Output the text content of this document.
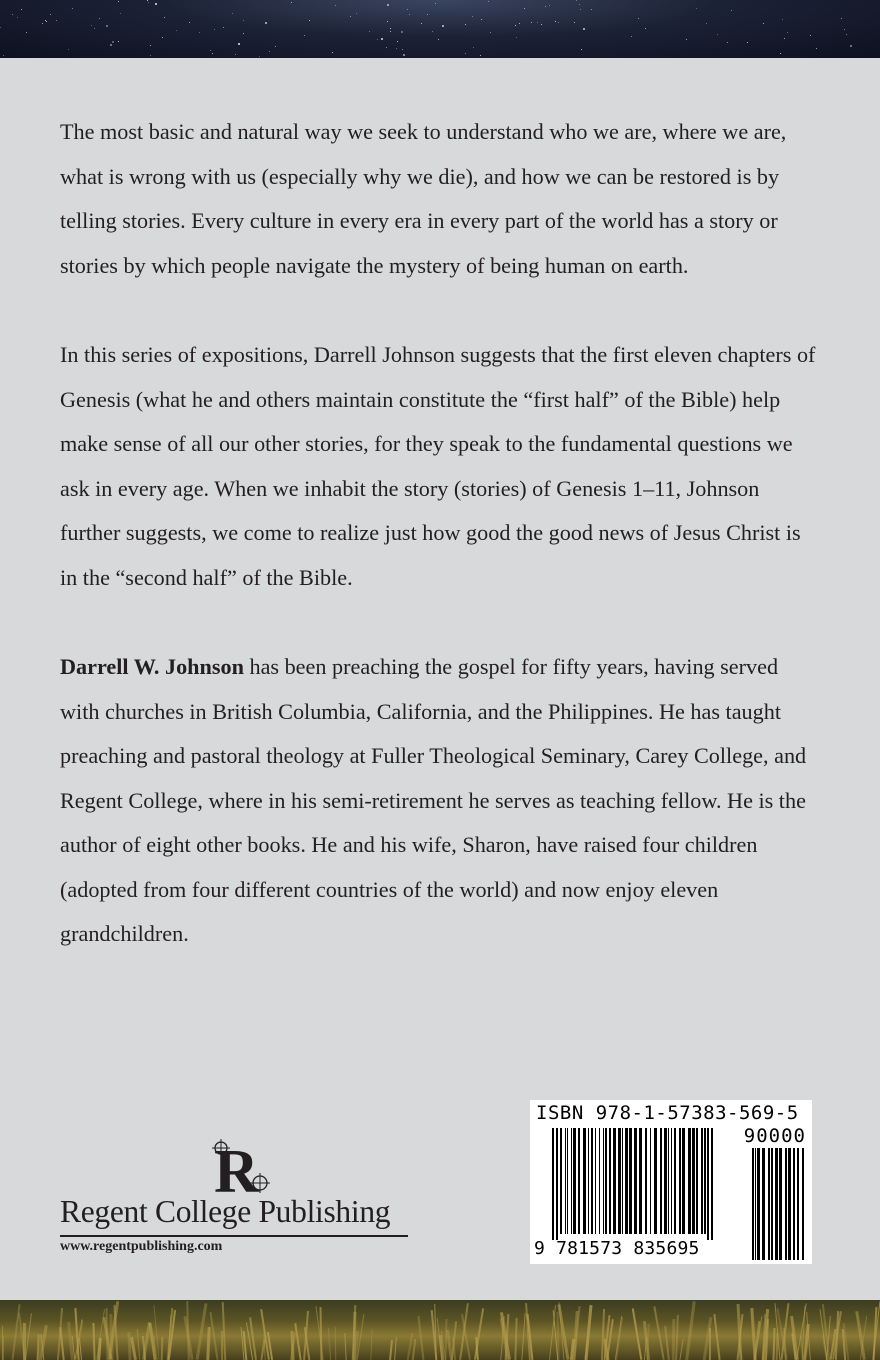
The most basic and natural way we seek to understand who we are, where we are, what is wrong with us (especially why we die), and how we can be restored is by telling stories. Every culture in every era in every part of the world has a story or stories by which people navigate the mystery of being human on earth.

In this series of expositions, Darrell Johnson suggests that the first eleven chapters of Genesis (what he and others maintain constitute the “first half” of the Bible) help make sense of all our other stories, for they speak to the fundamental questions we ask in every age. When we inhabit the story (stories) of Genesis 1–11, Johnson further suggests, we come to realize just how good the good news of Jesus Christ is in the “second half” of the Bible.

Darrell W. Johnson has been preaching the gospel for fifty years, having served with churches in British Columbia, California, and the Philippines. He has taught preaching and pastoral theology at Fuller Theological Seminary, Carey College, and Regent College, where in his semi-retirement he serves as teaching fellow. He is the author of eight other books. He and his wife, Sharon, have raised four children (adopted from four different countries of the world) and now enjoy eleven grandchildren.

R
Regent College Publishing
www.regentpublishing.com
ISBN 978-1-57383-569-5
90000
9 781573 835695
